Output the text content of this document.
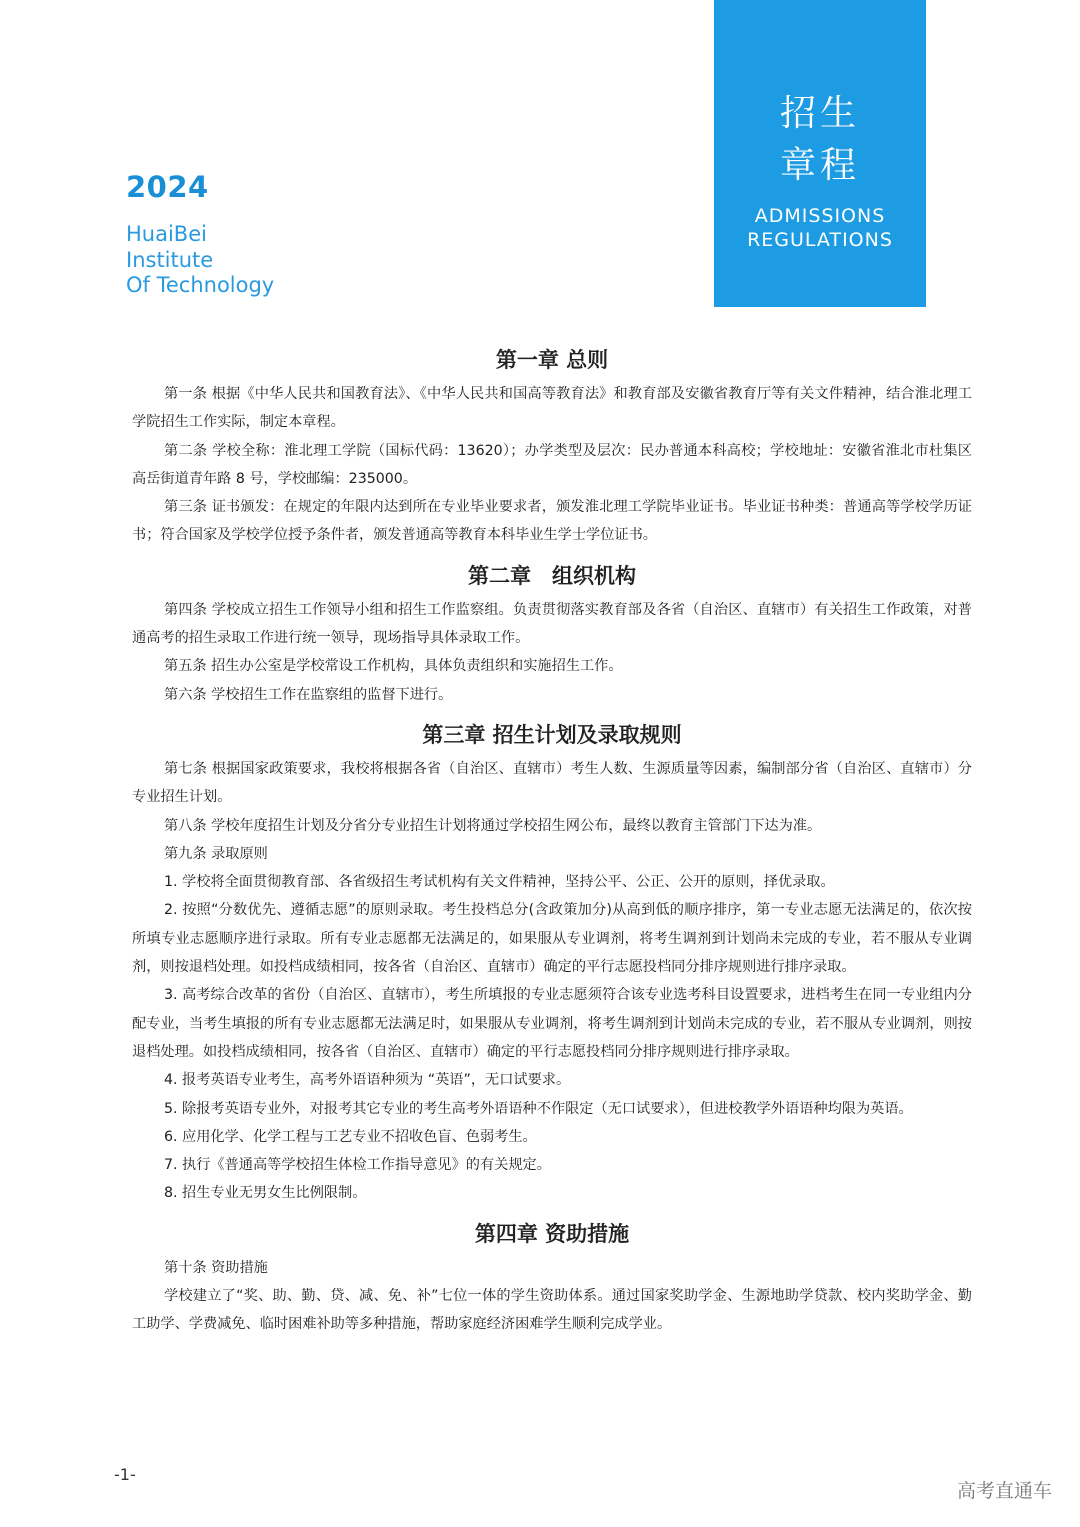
2024
HuaiBei
Institute
Of Technology
招生
章程
ADMISSIONS
REGULATIONS
第一章 总则

第一条 根据《中华人民共和国教育法》、《中华人民共和国高等教育法》和教育部及安徽省教育厅等有关文件精神，结合淮北理工学院招生工作实际，制定本章程。

第二条 学校全称：淮北理工学院（国标代码：13620）；办学类型及层次：民办普通本科高校；学校地址：安徽省淮北市杜集区高岳街道青年路 8 号，学校邮编：235000。

第三条 证书颁发：在规定的年限内达到所在专业毕业要求者，颁发淮北理工学院毕业证书。毕业证书种类：普通高等学校学历证书；符合国家及学校学位授予条件者，颁发普通高等教育本科毕业生学士学位证书。

第二章　组织机构

第四条 学校成立招生工作领导小组和招生工作监察组。负责贯彻落实教育部及各省（自治区、直辖市）有关招生工作政策，对普通高考的招生录取工作进行统一领导，现场指导具体录取工作。

第五条 招生办公室是学校常设工作机构，具体负责组织和实施招生工作。

第六条 学校招生工作在监察组的监督下进行。

第三章 招生计划及录取规则

第七条 根据国家政策要求，我校将根据各省（自治区、直辖市）考生人数、生源质量等因素，编制部分省（自治区、直辖市）分专业招生计划。

第八条 学校年度招生计划及分省分专业招生计划将通过学校招生网公布，最终以教育主管部门下达为准。

第九条 录取原则

1. 学校将全面贯彻教育部、各省级招生考试机构有关文件精神，坚持公平、公正、公开的原则，择优录取。

2. 按照“分数优先、遵循志愿”的原则录取。考生投档总分(含政策加分)从高到低的顺序排序，第一专业志愿无法满足的，依次按所填专业志愿顺序进行录取。所有专业志愿都无法满足的，如果服从专业调剂，将考生调剂到计划尚未完成的专业，若不服从专业调剂，则按退档处理。如投档成绩相同，按各省（自治区、直辖市）确定的平行志愿投档同分排序规则进行排序录取。

3. 高考综合改革的省份（自治区、直辖市），考生所填报的专业志愿须符合该专业选考科目设置要求，进档考生在同一专业组内分配专业，当考生填报的所有专业志愿都无法满足时，如果服从专业调剂，将考生调剂到计划尚未完成的专业，若不服从专业调剂，则按退档处理。如投档成绩相同，按各省（自治区、直辖市）确定的平行志愿投档同分排序规则进行排序录取。

4. 报考英语专业考生，高考外语语种须为 “英语”，无口试要求。

5. 除报考英语专业外，对报考其它专业的考生高考外语语种不作限定（无口试要求），但进校教学外语语种均限为英语。

6. 应用化学、化学工程与工艺专业不招收色盲、色弱考生。

7. 执行《普通高等学校招生体检工作指导意见》的有关规定。

8. 招生专业无男女生比例限制。

第四章 资助措施

第十条 资助措施

学校建立了“奖、助、勤、贷、减、免、补”七位一体的学生资助体系。通过国家奖助学金、生源地助学贷款、校内奖助学金、勤工助学、学费减免、临时困难补助等多种措施，帮助家庭经济困难学生顺利完成学业。

-1-
高考直通车
